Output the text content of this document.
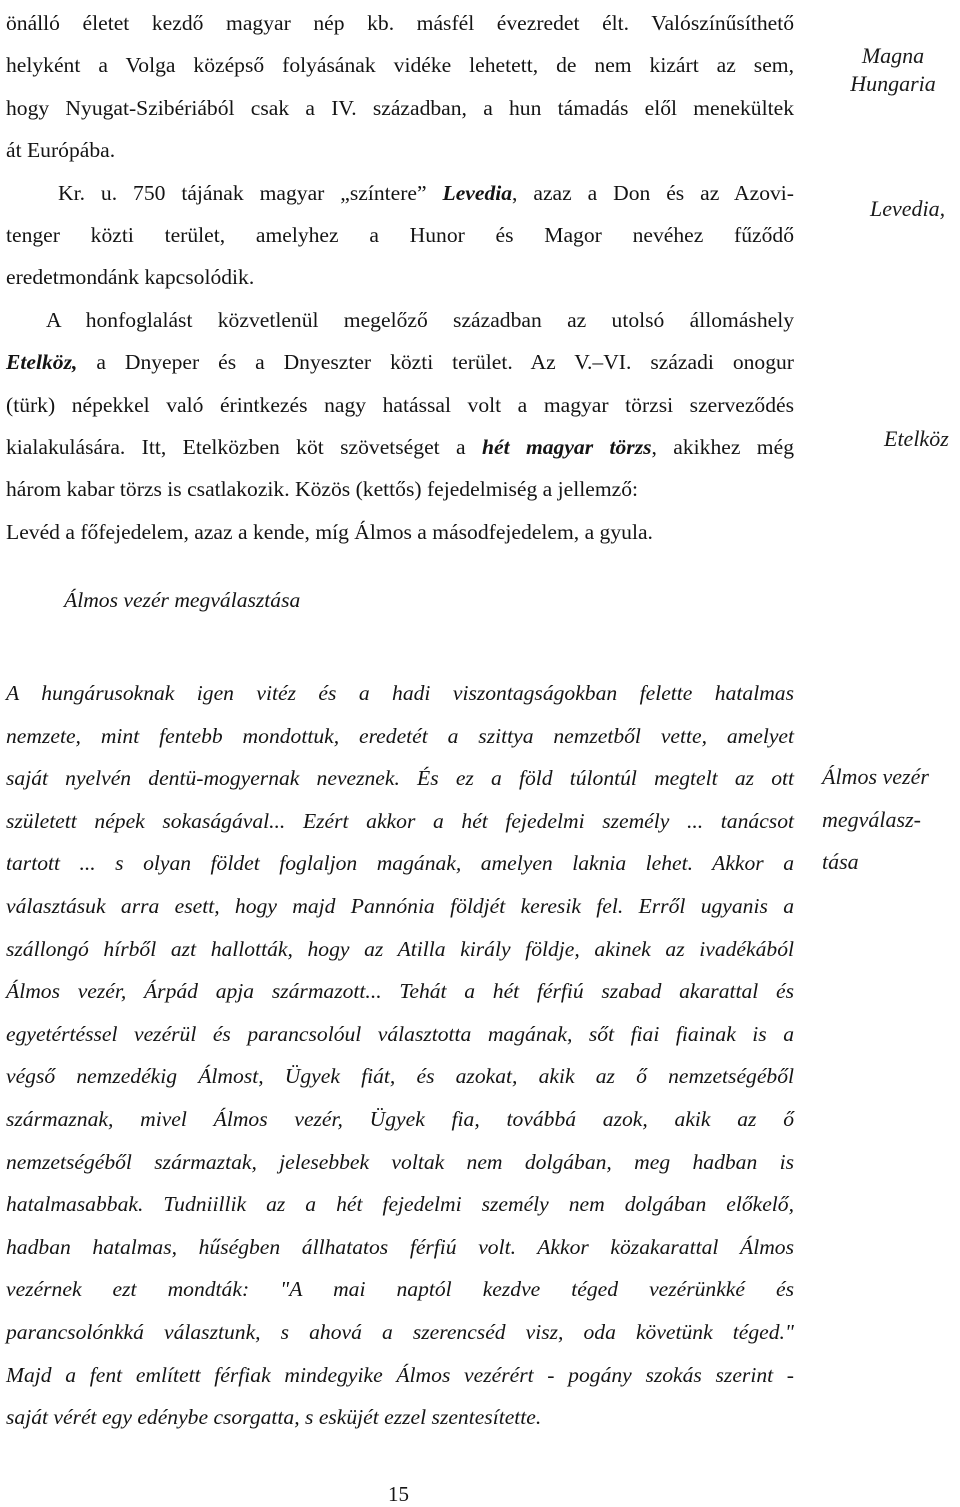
önálló életet kezdő magyar nép kb. másfél évezredet élt. Valószínűsíthető
helyként a Volga középső folyásának vidéke lehetett, de nem kizárt az sem,
hogy Nyugat-Szibériából csak a IV. században, a hun támadás elől menekültek
át Európába.

Kr. u. 750 tájának magyar „színtere” Levedia, azaz a Don és az Azovi-
tenger közti terület, amelyhez a Hunor és Magor nevéhez fűződő
eredetmondánk kapcsolódik.

A honfoglalást közvetlenül megelőző században az utolsó állomáshely
Etelköz, a Dnyeper és a Dnyeszter közti terület. Az V.–VI. századi onogur
(türk) népekkel való érintkezés nagy hatással volt a magyar törzsi szerveződés
kialakulására. Itt, Etelközben köt szövetséget a hét magyar törzs, akikhez még
három kabar törzs is csatlakozik. Közös (kettős) fejedelmiség a jellemző:
Levéd a főfejedelem, azaz a kende, míg Álmos a másodfejedelem, a gyula.

Álmos vezér megválasztása
A hungárusoknak igen vitéz és a hadi viszontagságokban felette hatalmas
nemzete, mint fentebb mondottuk, eredetét a szittya nemzetből vette, amelyet
saját nyelvén dentü-mogyernak neveznek. És ez a föld túlontúl megtelt az ott
született népek sokaságával... Ezért akkor a hét fejedelmi személy ... tanácsot
tartott ... s olyan földet foglaljon magának, amelyen laknia lehet. Akkor a
választásuk arra esett, hogy majd Pannónia földjét keresik fel. Erről ugyanis a
szállongó hírből azt hallották, hogy az Atilla király földje, akinek az ivadékából
Álmos vezér, Árpád apja származott... Tehát a hét férfiú szabad akarattal és
egyetértéssel vezérül és parancsolóul választotta magának, sőt fiai fiainak is a
végső nemzedékig Álmost, Ügyek fiát, és azokat, akik az ő nemzetségéből
származnak, mivel Álmos vezér, Ügyek fia, továbbá azok, akik az ő
nemzetségéből származtak, jelesebbek voltak nem dolgában, meg hadban is
hatalmasabbak. Tudniillik az a hét fejedelmi személy nem dolgában előkelő,
hadban hatalmas, hűségben állhatatos férfiú volt. Akkor közakarattal Álmos
vezérnek ezt mondták: "A mai naptól kezdve téged vezérünkké és
parancsolónkká választunk, s ahová a szerencséd visz, oda követünk téged."
Majd a fent említett férfiak mindegyike Álmos vezérért - pogány szokás szerint -
saját vérét egy edénybe csorgatta, s esküjét ezzel szentesítette.
Magna
Hungaria
Levedia,
Etelköz
Álmos vezér
megválasz-
tása
15
